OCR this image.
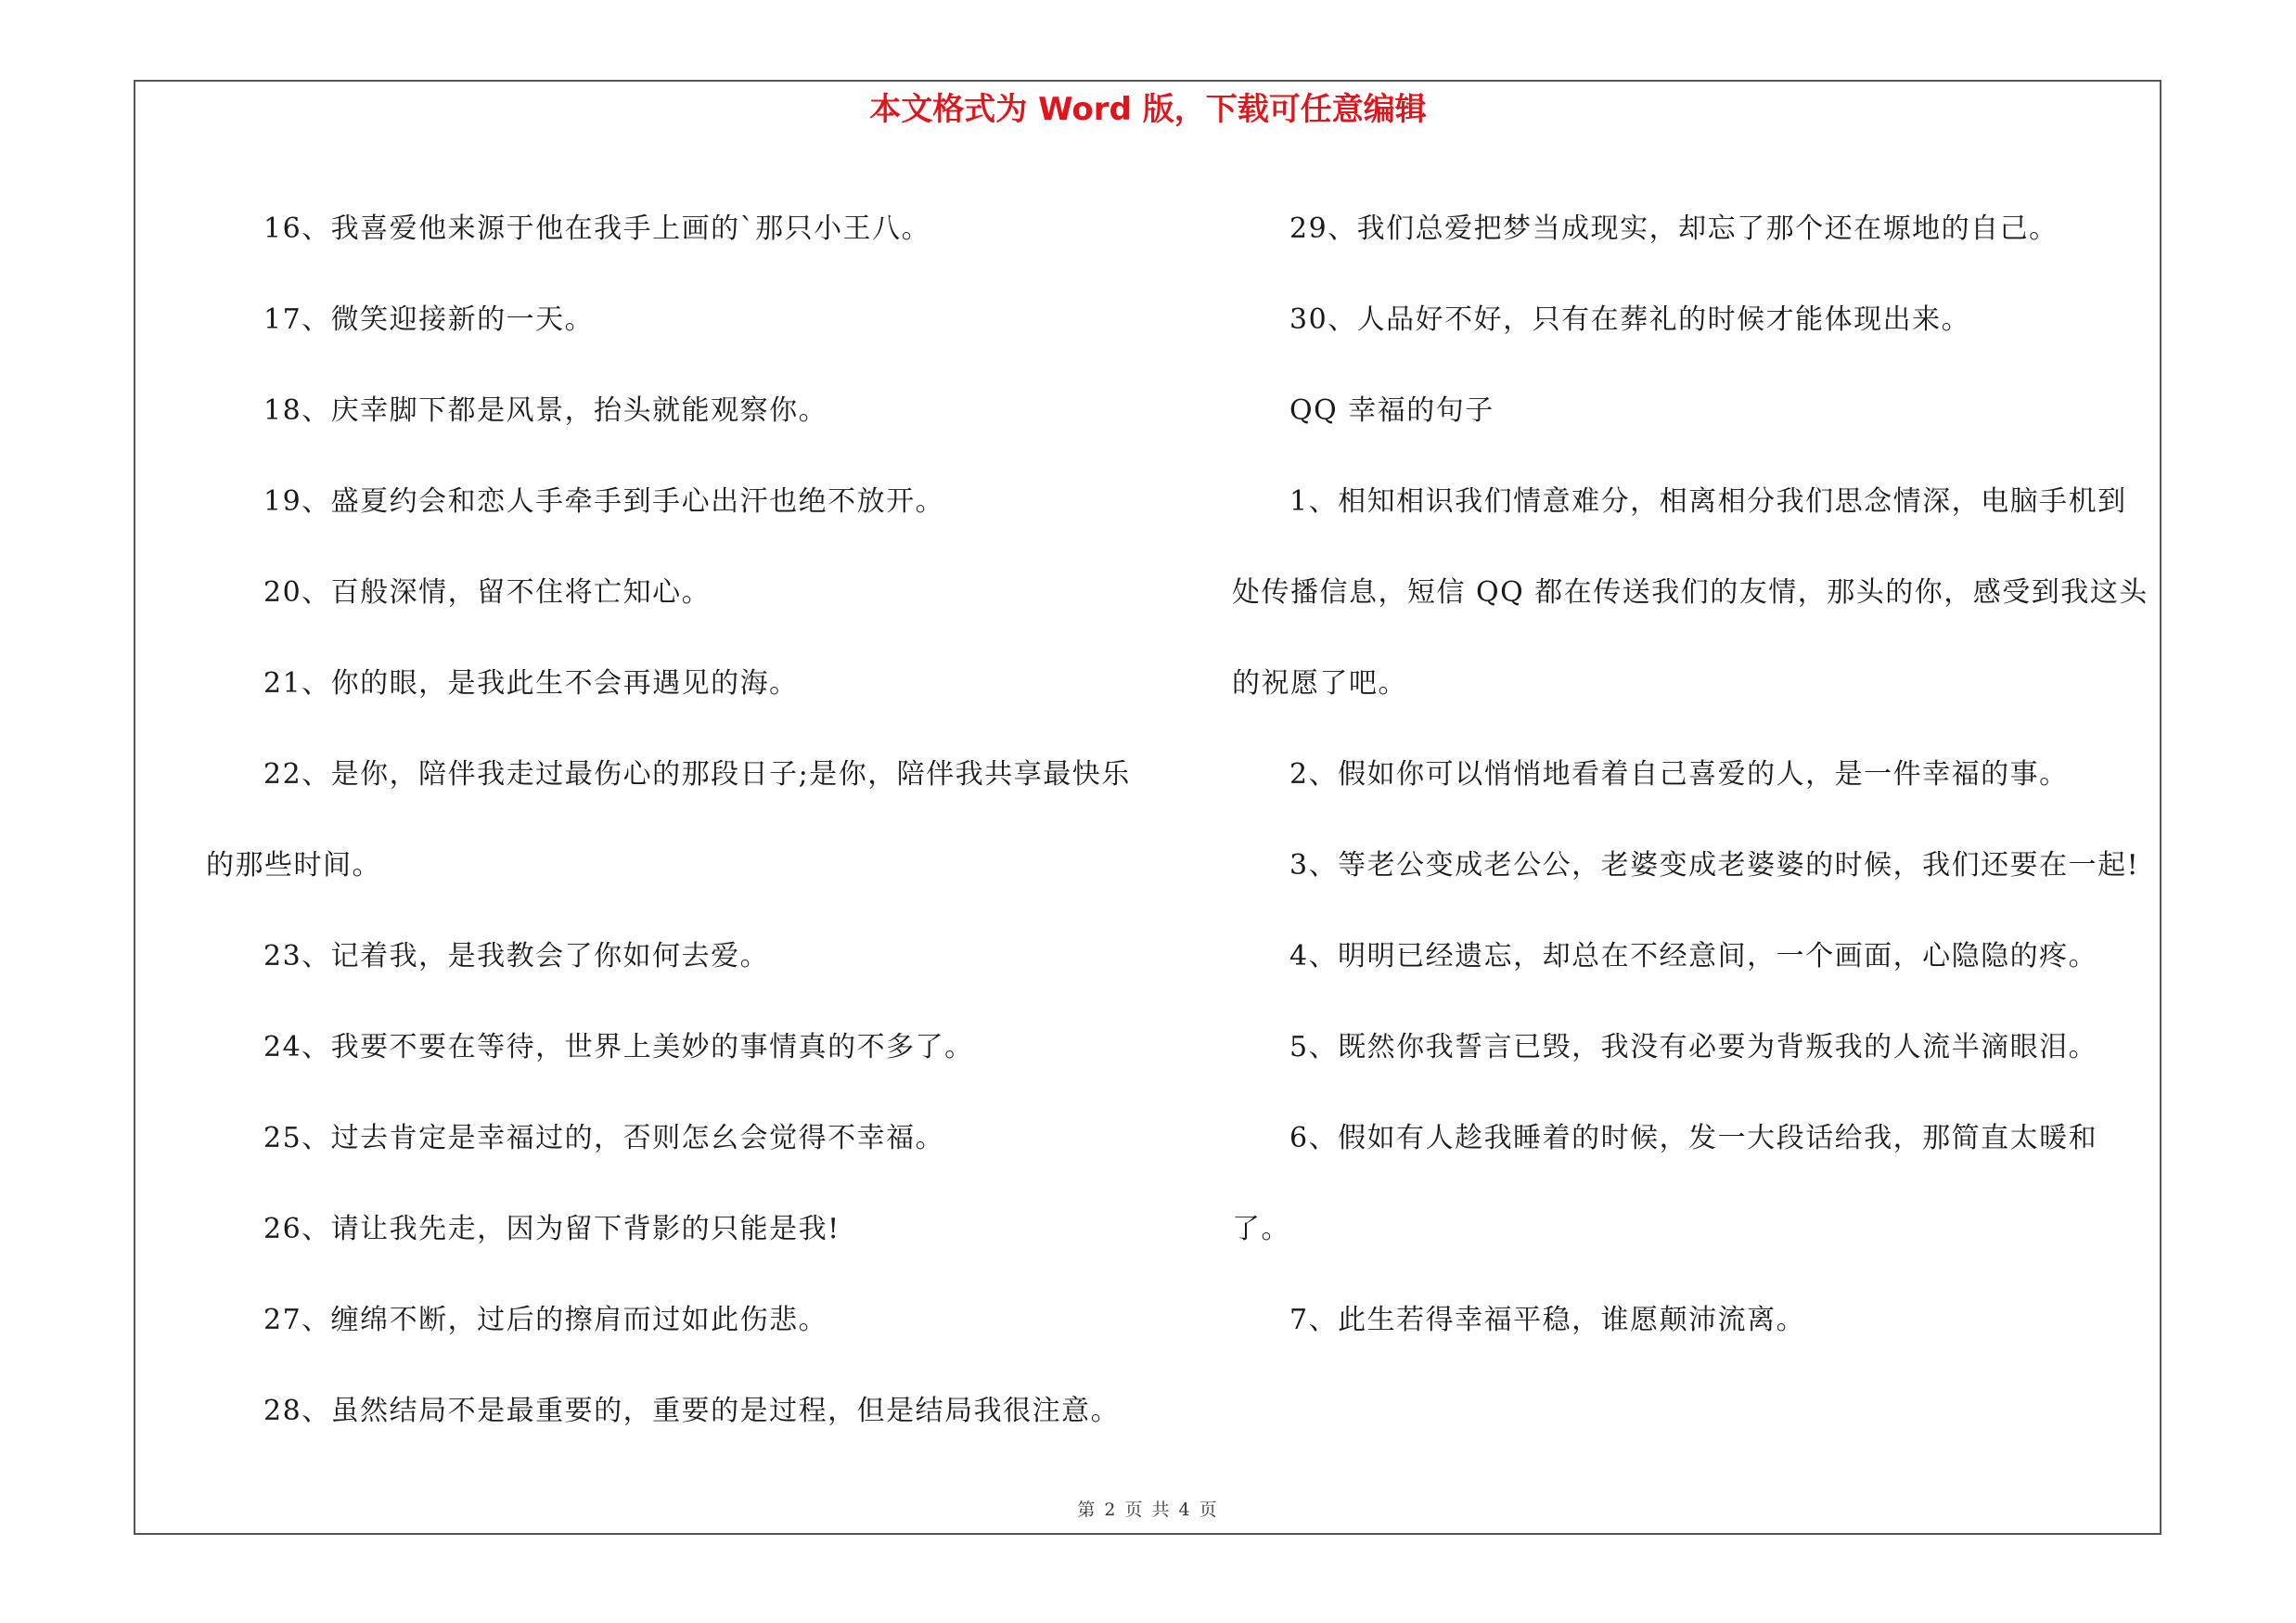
本文格式为 Word 版，下载可任意编辑

16、我喜爱他来源于他在我手上画的`那只小王八。

17、微笑迎接新的一天。

18、庆幸脚下都是风景，抬头就能观察你。

19、盛夏约会和恋人手牵手到手心出汗也绝不放开。

20、百般深情，留不住将亡知心。

21、你的眼，是我此生不会再遇见的海。

22、是你，陪伴我走过最伤心的那段日子;是你，陪伴我共享最快乐的那些时间。

23、记着我，是我教会了你如何去爱。

24、我要不要在等待，世界上美妙的事情真的不多了。

25、过去肯定是幸福过的，否则怎幺会觉得不幸福。

26、请让我先走，因为留下背影的只能是我!

27、缠绵不断，过后的擦肩而过如此伤悲。

28、虽然结局不是最重要的，重要的是过程，但是结局我很注意。

29、我们总爱把梦当成现实，却忘了那个还在塬地的自己。

30、人品好不好，只有在葬礼的时候才能体现出来。

QQ 幸福的句子

1、相知相识我们情意难分，相离相分我们思念情深，电脑手机到处传播信息，短信 QQ 都在传送我们的友情，那头的你，感受到我这头的祝愿了吧。

2、假如你可以悄悄地看着自己喜爱的人，是一件幸福的事。

3、等老公变成老公公，老婆变成老婆婆的时候，我们还要在一起!

4、明明已经遗忘，却总在不经意间，一个画面，心隐隐的疼。

5、既然你我誓言已毁，我没有必要为背叛我的人流半滴眼泪。

6、假如有人趁我睡着的时候，发一大段话给我，那简直太暖和了。

7、此生若得幸福平稳，谁愿颠沛流离。

第 2 页 共 4 页
